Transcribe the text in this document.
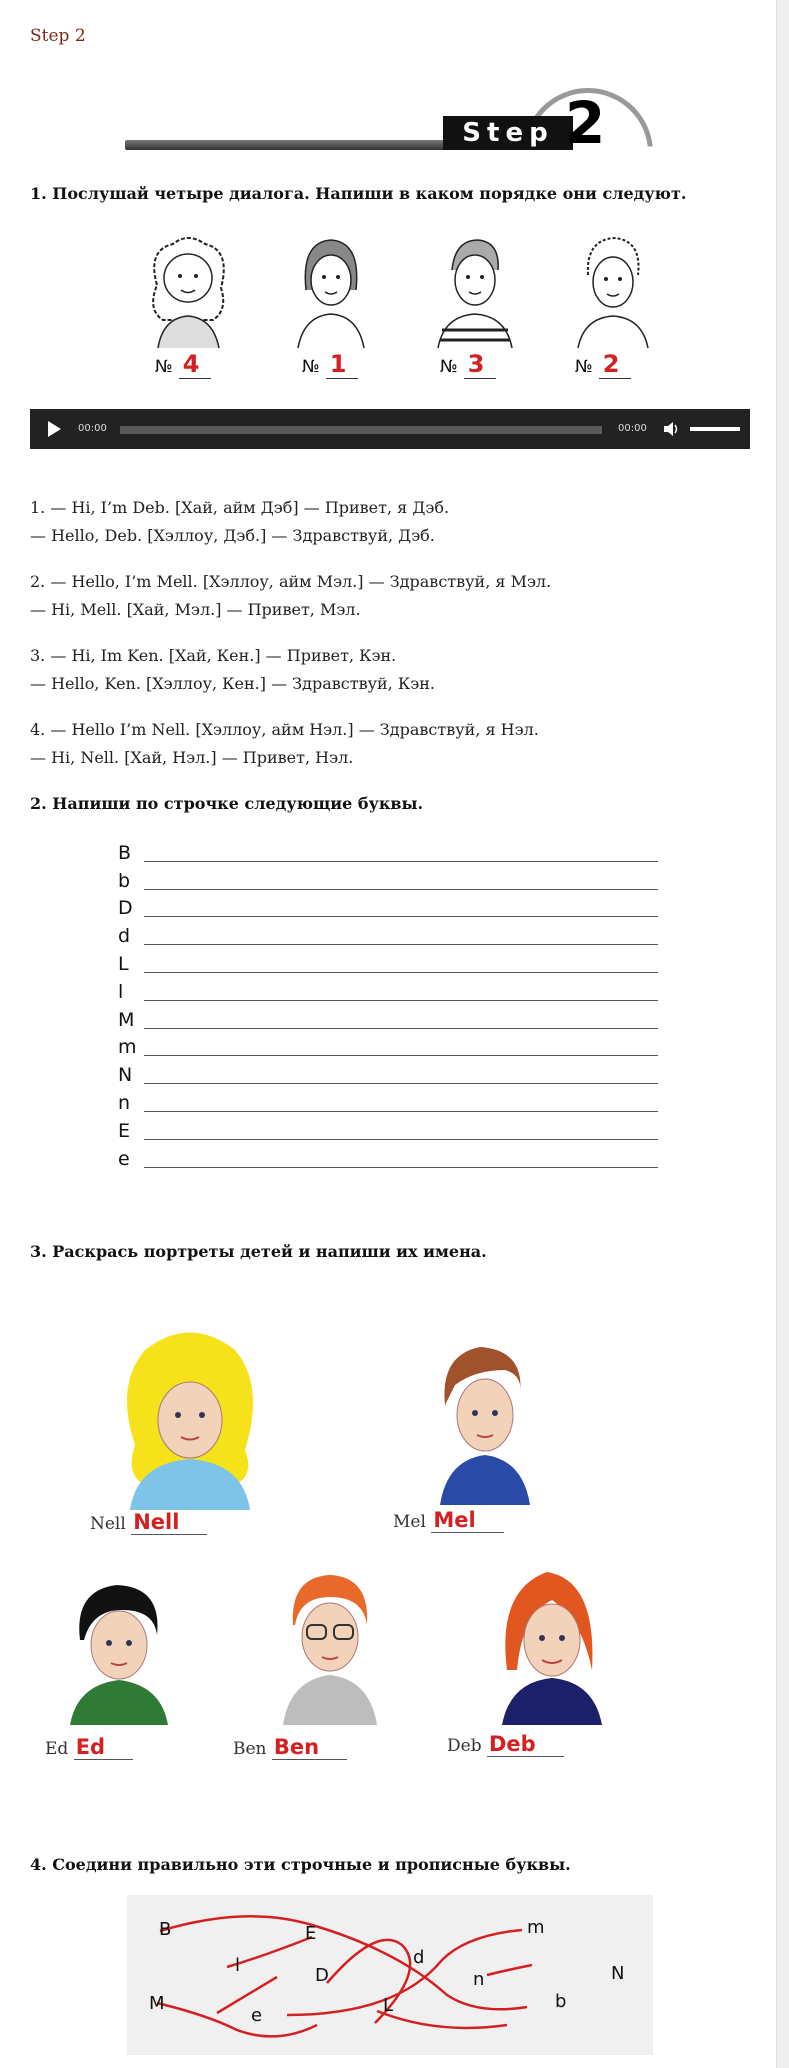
Step 2
Step 2
1. Послушай четыре диалога. Напиши в каком порядке они следуют.
№ 4	№ 1	№ 3	№ 2
00:00	00:00
1. — Hi, I’m Deb. [Хай, айм Дэб] — Привет, я Дэб.
— Hello, Deb. [Хэллоу, Дэб.] — Здравствуй, Дэб.
2. — Hello, I’m Mell. [Хэллоу, айм Мэл.] — Здравствуй, я Мэл.
— Hi, Mell. [Хай, Мэл.] — Привет, Мэл.
3. — Hi, Im Ken. [Хай, Кен.] — Привет, Кэн.
— Hello, Ken. [Хэллоу, Кен.] — Здравствуй, Кэн.
4. — Hello I’m Nell. [Хэллоу, айм Нэл.] — Здравствуй, я Нэл.
— Hi, Nell. [Хай, Нэл.] — Привет, Нэл.
2. Напиши по строчке следующие буквы.
B
b
D
d
L
l
M
m
N
n
E
e
3. Раскрась портреты детей и напиши их имена.
Nell Nell	Mel Mel
Ed Ed	Ben Ben	Deb Deb
4. Соедини правильно эти строчные и прописные буквы.
B	E	m
l	D
d
N
n
M
e	L	b
